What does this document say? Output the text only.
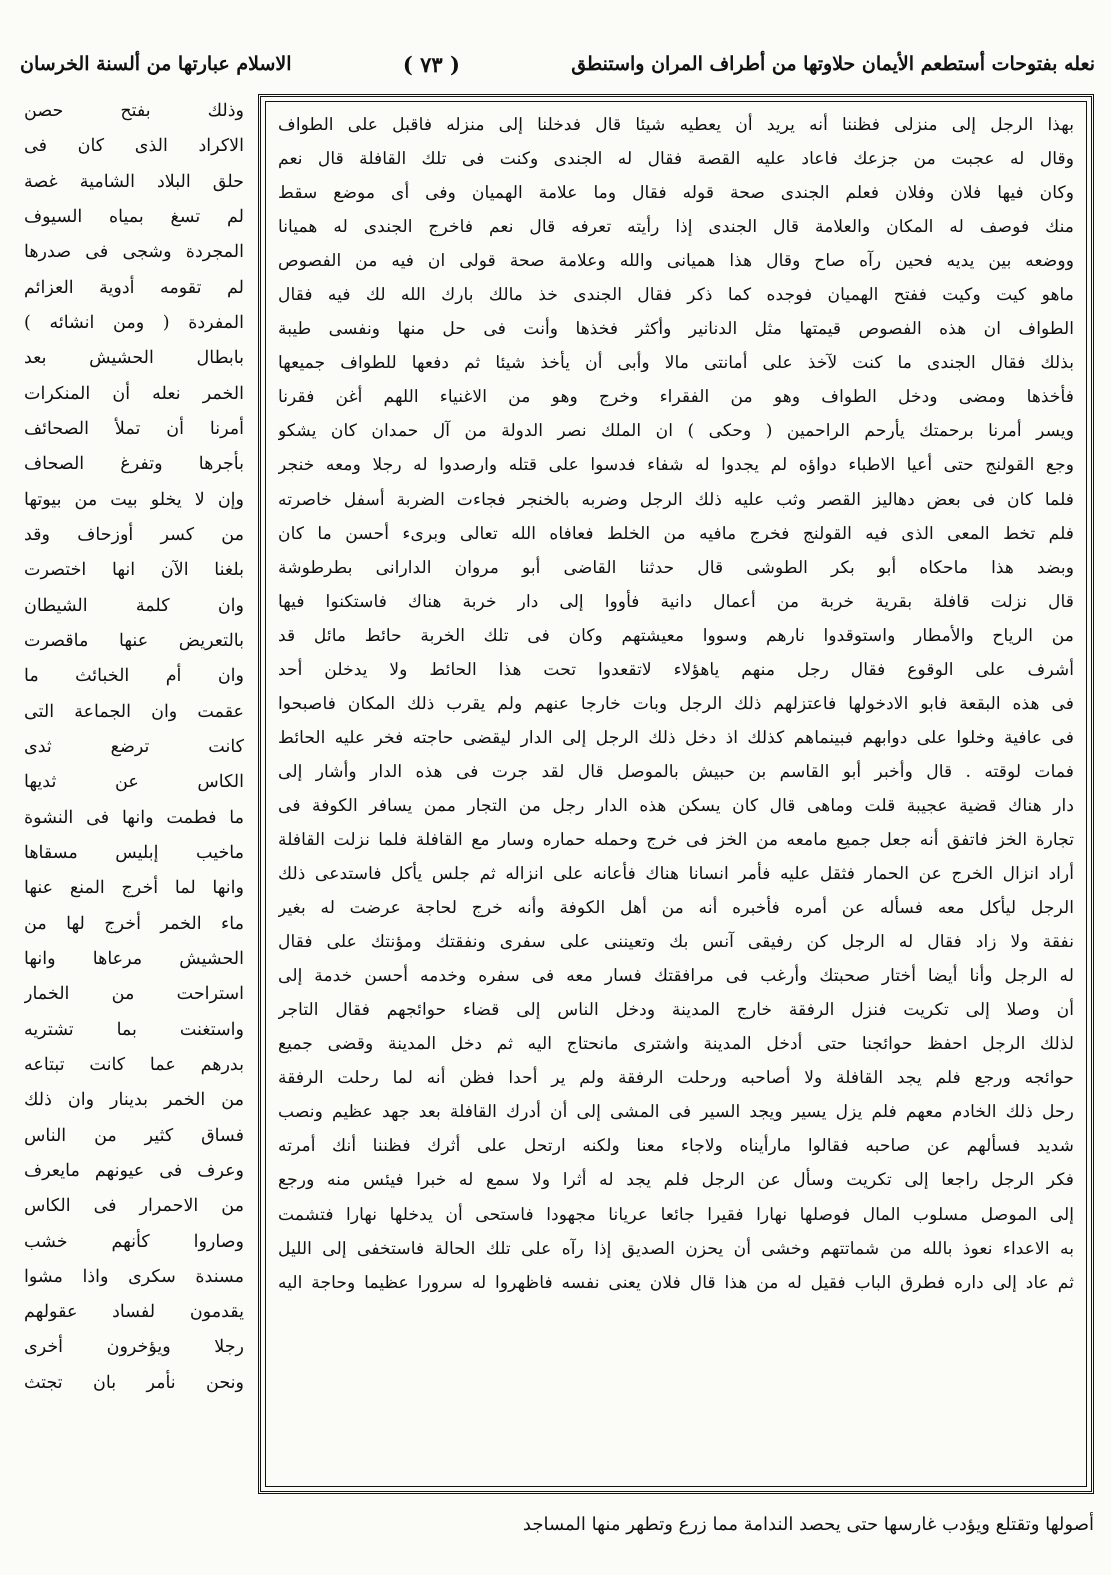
نعله بفتوحات أستطعم الأيمان حلاوتها من أطراف المران واستنطق
( ٧٣ )
الاسلام عبارتها من ألسنة الخرسان
بهذا الرجل إلى منزلى فظننا أنه يريد أن يعطيه شيئا قال فدخلنا إلى منزله فاقبل على الطواف
وقال له عجبت من جزعك فاعاد عليه القصة فقال له الجندى وكنت فى تلك القافلة قال نعم
وكان فيها فلان وفلان فعلم الجندى صحة قوله فقال وما علامة الهميان وفى أى موضع سقط
منك فوصف له المكان والعلامة قال الجندى إذا رأيته تعرفه قال نعم فاخرج الجندى له هميانا
ووضعه بين يديه فحين رآه صاح وقال هذا هميانى والله وعلامة صحة قولى ان فيه من الفصوص
ماهو كيت وكيت ففتح الهميان فوجده كما ذكر فقال الجندى خذ مالك بارك الله لك فيه فقال
الطواف ان هذه الفصوص قيمتها مثل الدنانير وأكثر فخذها وأنت فى حل منها ونفسى طيبة
بذلك فقال الجندى ما كنت لآخذ على أمانتى مالا وأبى أن يأخذ شيئا ثم دفعها للطواف جميعها
فأخذها ومضى ودخل الطواف وهو من الفقراء وخرج وهو من الاغنياء اللهم أغن فقرنا
ويسر أمرنا برحمتك يأرحم الراحمين ( وحكى ) ان الملك نصر الدولة من آل حمدان كان يشكو
وجع القولنج حتى أعيا الاطباء دواؤه لم يجدوا له شفاء فدسوا على قتله وارصدوا له رجلا ومعه خنجر
فلما كان فى بعض دهاليز القصر وثب عليه ذلك الرجل وضربه بالخنجر فجاءت الضربة أسفل خاصرته
فلم تخط المعى الذى فيه القولنج فخرج مافيه من الخلط فعافاه الله تعالى وبرىء أحسن ما كان
وبضد هذا ماحكاه أبو بكر الطوشى قال حدثنا القاضى أبو مروان الدارانى بطرطوشة
قال نزلت قافلة بقرية خربة من أعمال دانية فأووا إلى دار خربة هناك فاستكنوا فيها
من الرياح والأمطار واستوقدوا نارهم وسووا معيشتهم وكان فى تلك الخربة حائط مائل قد
أشرف على الوقوع فقال رجل منهم ياهؤلاء لاتقعدوا تحت هذا الحائط ولا يدخلن أحد
فى هذه البقعة فابو الادخولها فاعتزلهم ذلك الرجل وبات خارجا عنهم ولم يقرب ذلك المكان فاصبحوا
فى عافية وخلوا على دوابهم فبينماهم كذلك اذ دخل ذلك الرجل إلى الدار ليقضى حاجته فخر عليه الحائط
فمات لوقته . قال وأخبر أبو القاسم بن حبيش بالموصل قال لقد جرت فى هذه الدار وأشار إلى
دار هناك قضية عجيبة قلت وماهى قال كان يسكن هذه الدار رجل من التجار ممن يسافر الكوفة فى
تجارة الخز فاتفق أنه جعل جميع مامعه من الخز فى خرج وحمله حماره وسار مع القافلة فلما نزلت القافلة
أراد انزال الخرج عن الحمار فثقل عليه فأمر انسانا هناك فأعانه على انزاله ثم جلس يأكل فاستدعى ذلك
الرجل ليأكل معه فسأله عن أمره فأخبره أنه من أهل الكوفة وأنه خرج لحاجة عرضت له بغير
نفقة ولا زاد فقال له الرجل كن رفيقى آنس بك وتعيننى على سفرى ونفقتك ومؤنتك على فقال
له الرجل وأنا أيضا أختار صحبتك وأرغب فى مرافقتك فسار معه فى سفره وخدمه أحسن خدمة إلى
أن وصلا إلى تكريت فنزل الرفقة خارج المدينة ودخل الناس إلى قضاء حوائجهم فقال التاجر
لذلك الرجل احفظ حوائجنا حتى أدخل المدينة واشترى مانحتاج اليه ثم دخل المدينة وقضى جميع
حوائجه ورجع فلم يجد القافلة ولا أصاحبه ورحلت الرفقة ولم ير أحدا فظن أنه لما رحلت الرفقة
رحل ذلك الخادم معهم فلم يزل يسير ويجد السير فى المشى إلى أن أدرك القافلة بعد جهد عظيم ونصب
شديد فسألهم عن صاحبه فقالوا مارأيناه ولاجاء معنا ولكنه ارتحل على أثرك فظننا أنك أمرته
فكر الرجل راجعا إلى تكريت وسأل عن الرجل فلم يجد له أثرا ولا سمع له خبرا فيئس منه ورجع
إلى الموصل مسلوب المال فوصلها نهارا فقيرا جائعا عريانا مجهودا فاستحى أن يدخلها نهارا فتشمت
به الاعداء نعوذ بالله من شماتتهم وخشى أن يحزن الصديق إذا رآه على تلك الحالة فاستخفى إلى الليل
ثم عاد إلى داره فطرق الباب فقيل له من هذا قال فلان يعنى نفسه فاظهروا له سرورا عظيما وحاجة اليه
وذلك بفتح حصن
الاكراد الذى كان فى
حلق البلاد الشامية غصة
لم تسغ بمياه السيوف
المجردة وشجى فى صدرها
لم تقومه أدوية العزائم
المفردة ( ومن انشائه )
بابطال الحشيش بعد
الخمر نعله أن المنكرات
أمرنا أن تملأ الصحائف
بأجرها وتفرغ الصحاف
وإن لا يخلو بيت من بيوتها
من كسر أوزحاف وقد
بلغنا الآن انها اختصرت
وان كلمة الشيطان
بالتعريض عنها ماقصرت
وان أم الخبائث ما
عقمت وان الجماعة التى
كانت ترضع ثدى
الكاس عن ثديها
ما فطمت وانها فى النشوة
ماخيب إبليس مسقاها
وانها لما أخرج المنع عنها
ماء الخمر أخرج لها من
الحشيش مرعاها وانها
استراحت من الخمار
واستغنت بما تشتريه
بدرهم عما كانت تبتاعه
من الخمر بدينار وان ذلك
فساق كثير من الناس
وعرف فى عيونهم مايعرف
من الاحمرار فى الكاس
وصاروا كأنهم خشب
مسندة سكرى واذا مشوا
يقدمون لفساد عقولهم
رجلا ويؤخرون أخرى
ونحن نأمر بان تجتث
أصولها وتقتلع ويؤدب غارسها حتى يحصد الندامة مما زرع وتطهر منها المساجد
